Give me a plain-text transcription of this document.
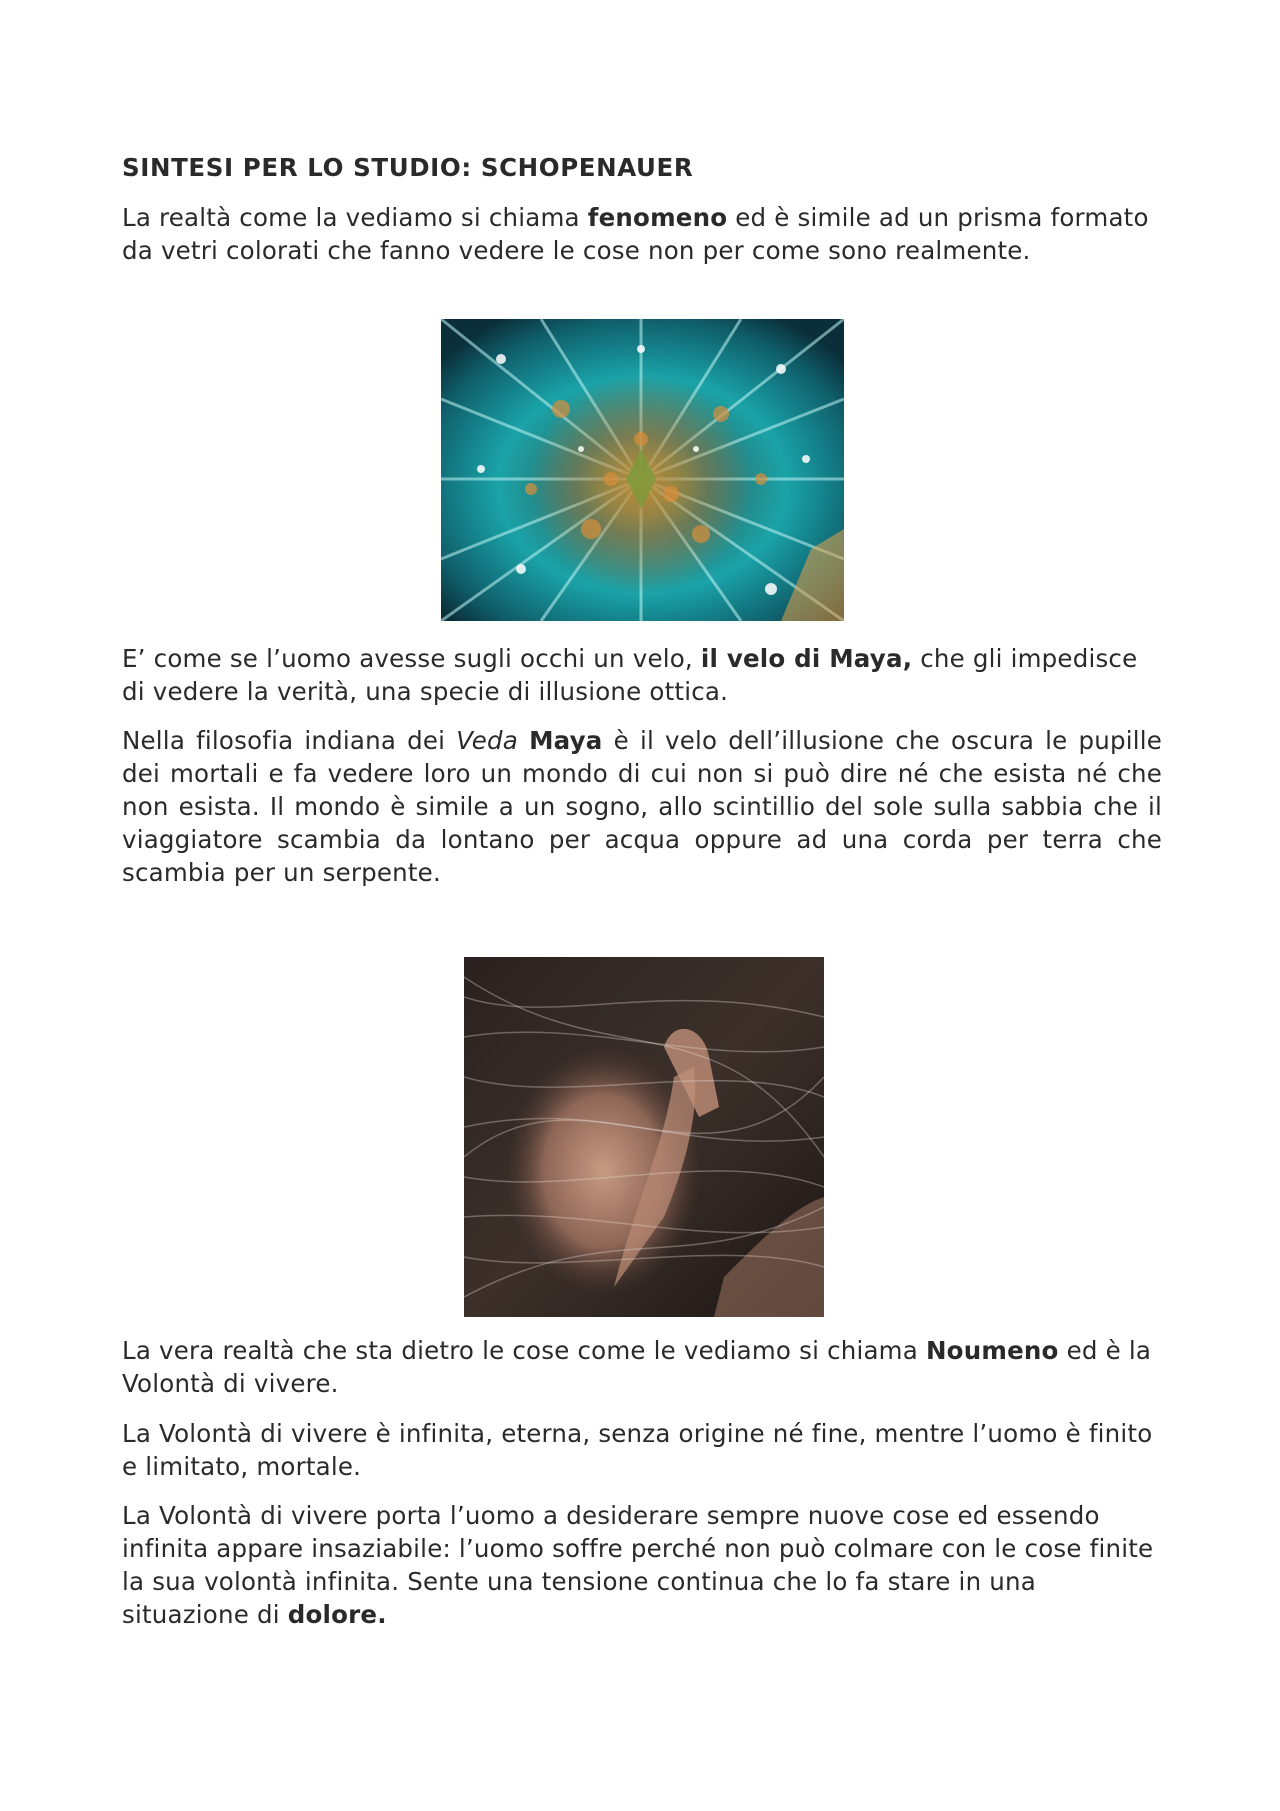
SINTESI PER LO STUDIO: SCHOPENAUER

La realtà come la vediamo si chiama fenomeno ed è simile ad un prisma formato da vetri colorati che fanno vedere le cose non per come sono realmente.

E’ come se l’uomo avesse sugli occhi un velo, il velo di Maya, che gli impedisce di vedere la verità, una specie di illusione ottica.

Nella filosofia indiana dei Veda Maya è il velo dell’illusione che oscura le pupille dei mortali e fa vedere loro un mondo di cui non si può dire né che esista né che non esista. Il mondo è simile a un sogno, allo scintillio del sole sulla sabbia che il viaggiatore scambia da lontano per acqua oppure ad una corda per terra che scambia per un serpente.

La vera realtà che sta dietro le cose come le vediamo si chiama Noumeno ed è la Volontà di vivere.

La Volontà di vivere è infinita, eterna, senza origine né fine, mentre l’uomo è finito e limitato, mortale.

La Volontà di vivere porta l’uomo a desiderare sempre nuove cose ed essendo infinita appare insaziabile: l’uomo soffre perché non può colmare con le cose finite la sua volontà infinita. Sente una tensione continua che lo fa stare in una situazione di dolore.
